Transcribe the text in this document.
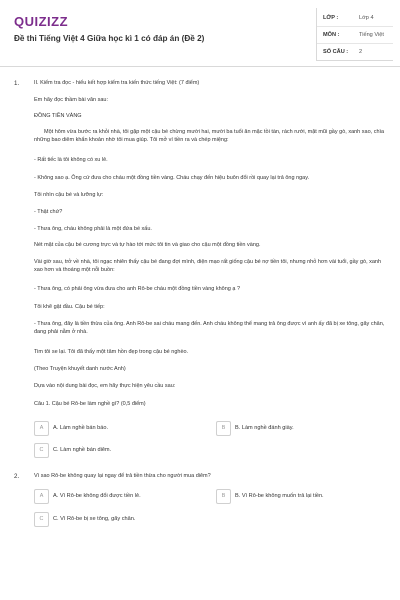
QUIZIZZ
Đề thi Tiếng Việt 4 Giữa học kì 1 có đáp án (Đề 2)
LỚP :	Lớp 4
MÔN :	Tiếng Việt
SỐ CÂU : 2
1.	II. Kiểm tra đọc - hiểu kết hợp kiểm tra kiến thức tiếng Việt: (7 điểm)
Em hãy đọc thầm bài văn sau:
ĐỒNG TIỀN VÀNG
Một hôm vừa bước ra khỏi nhà, tôi gặp một cậu bé chừng mười hai, mười ba tuổi ăn mặc tồi tàn, rách rưới, mặt mũi gầy gò, xanh xao, chìa những bao diêm khẩn khoản nhờ tôi mua giúp. Tôi mở ví tiền ra và chép miệng:
- Rất tiếc là tôi không có xu lẻ.
- Không sao ạ. Ông cứ đưa cho cháu một đồng tiền vàng. Cháu chạy đến hiệu buôn đổi rồi quay lại trả ông ngay.
Tôi nhìn cậu bé và lưỡng lự:
- Thật chứ?
- Thưa ông, cháu không phải là một đứa bé xấu.
Nét mặt của cậu bé cương trực và tự hào tới mức tôi tin và giao cho cậu một đồng tiền vàng.
Vài giờ sau, trở về nhà, tôi ngạc nhiên thấy cậu bé đang đợi mình, diện mạo rất giống cậu bé nợ tiền tôi, nhưng nhỏ hơn vài tuổi, gầy gò, xanh xao hơn và thoáng một nỗi buồn:
- Thưa ông, có phải ông vừa đưa cho anh Rô-be cháu một đồng tiền vàng không ạ ?
Tôi khẽ gật đầu. Cậu bé tiếp:
- Thưa ông, đây là tiền thừa của ông. Anh Rô-be sai cháu mang đến. Anh cháu không thể mang trả ông được vì anh ấy đã bị xe tông, gãy chân, đang phải nằm ở nhà.
Tim tôi se lại. Tôi đã thấy một tâm hồn đẹp trong cậu bé nghèo.
(Theo Truyện khuyết danh nước Anh)
Dựa vào nội dung bài đọc, em hãy thực hiện yêu cầu sau:
Câu 1. Cậu bé Rô-be làm nghề gì? (0,5 điểm)
A	A. Làm nghề bán báo.	B	B. Làm nghề đánh giày.
C	C. Làm nghề bán diêm.
2.	Vì sao Rô-be không quay lại ngay để trả tiền thừa cho người mua diêm?
A	A. Vì Rô-be không đổi được tiền lẻ.	B	B. Vì Rô-be không muốn trả lại tiền.
C	C. Vì Rô-be bị xe tông, gãy chân.
